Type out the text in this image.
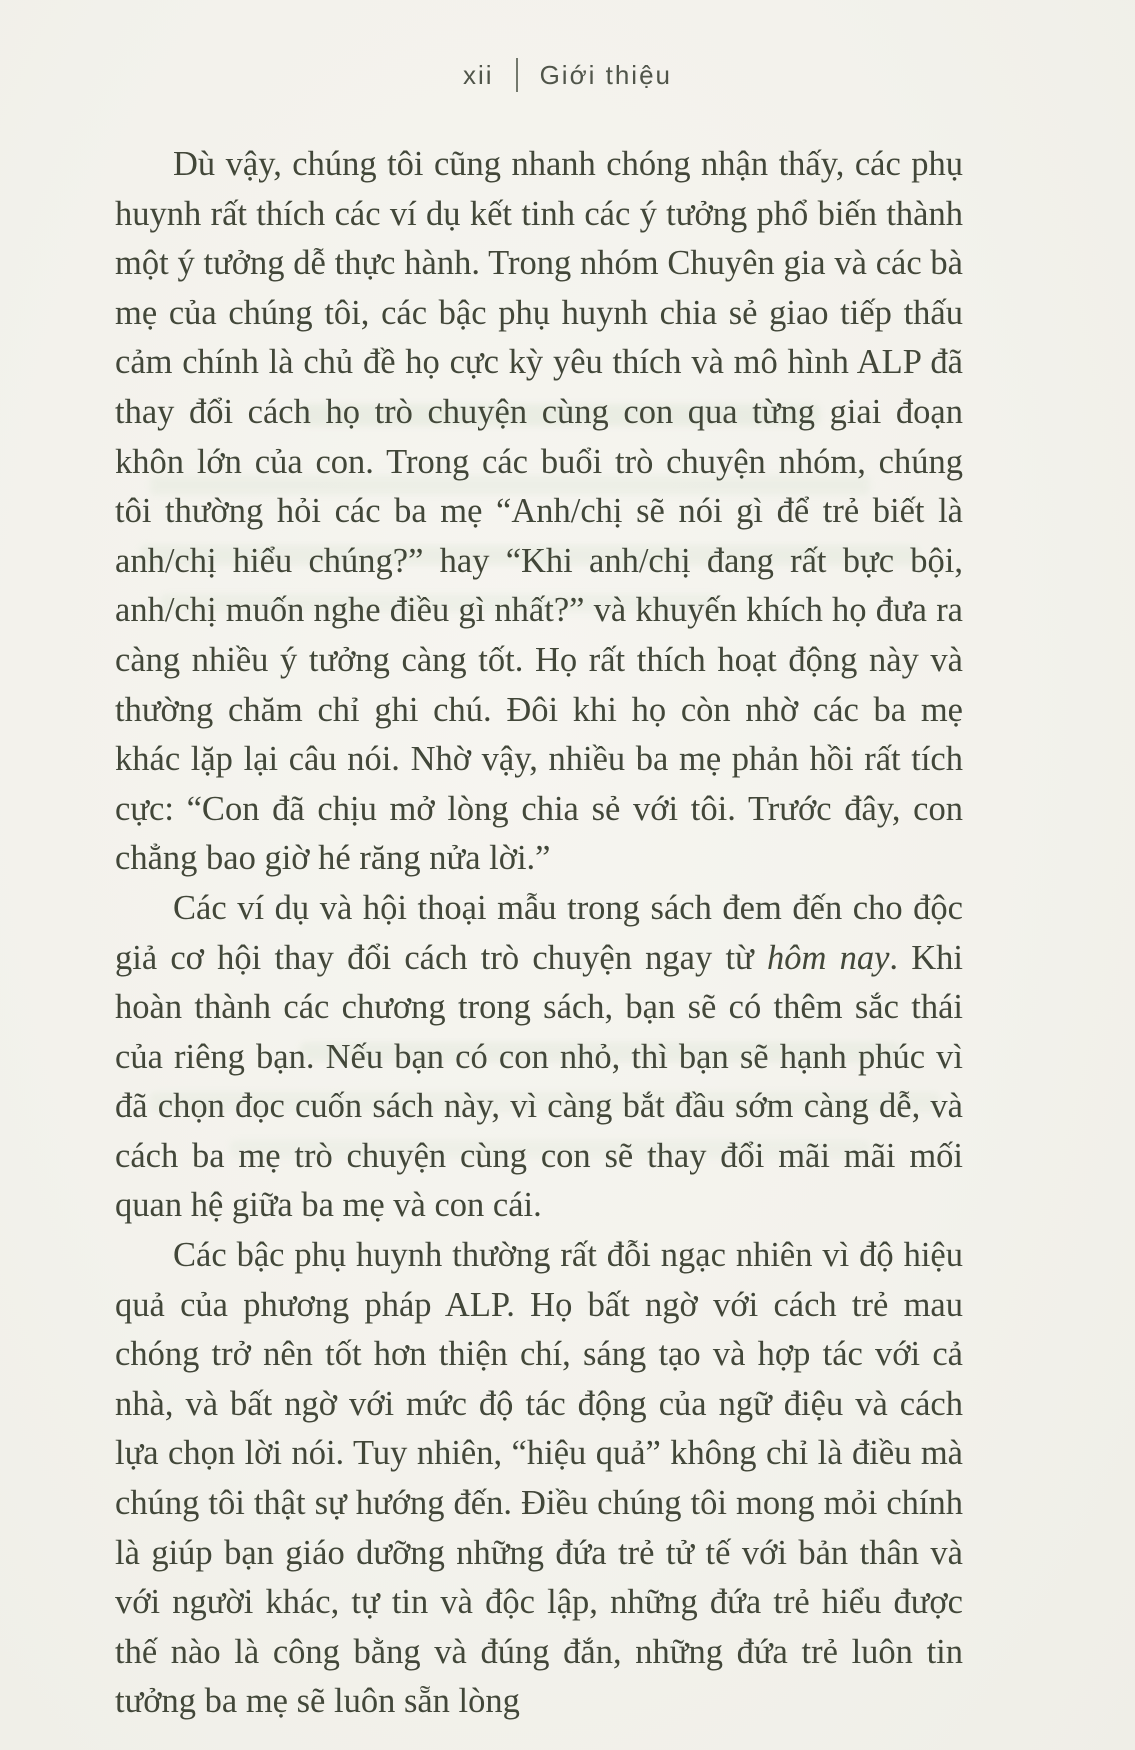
xii Giới thiệu

Dù vậy, chúng tôi cũng nhanh chóng nhận thấy, các phụ huynh rất thích các ví dụ kết tinh các ý tưởng phổ biến thành một ý tưởng dễ thực hành. Trong nhóm Chuyên gia và các bà mẹ của chúng tôi, các bậc phụ huynh chia sẻ giao tiếp thấu cảm chính là chủ đề họ cực kỳ yêu thích và mô hình ALP đã thay đổi cách họ trò chuyện cùng con qua từng giai đoạn khôn lớn của con. Trong các buổi trò chuyện nhóm, chúng tôi thường hỏi các ba mẹ “Anh/chị sẽ nói gì để trẻ biết là anh/chị hiểu chúng?” hay “Khi anh/chị đang rất bực bội, anh/chị muốn nghe điều gì nhất?” và khuyến khích họ đưa ra càng nhiều ý tưởng càng tốt. Họ rất thích hoạt động này và thường chăm chỉ ghi chú. Đôi khi họ còn nhờ các ba mẹ khác lặp lại câu nói. Nhờ vậy, nhiều ba mẹ phản hồi rất tích cực: “Con đã chịu mở lòng chia sẻ với tôi. Trước đây, con chẳng bao giờ hé răng nửa lời.”

Các ví dụ và hội thoại mẫu trong sách đem đến cho độc giả cơ hội thay đổi cách trò chuyện ngay từ hôm nay. Khi hoàn thành các chương trong sách, bạn sẽ có thêm sắc thái của riêng bạn. Nếu bạn có con nhỏ, thì bạn sẽ hạnh phúc vì đã chọn đọc cuốn sách này, vì càng bắt đầu sớm càng dễ, và cách ba mẹ trò chuyện cùng con sẽ thay đổi mãi mãi mối quan hệ giữa ba mẹ và con cái.

Các bậc phụ huynh thường rất đỗi ngạc nhiên vì độ hiệu quả của phương pháp ALP. Họ bất ngờ với cách trẻ mau chóng trở nên tốt hơn thiện chí, sáng tạo và hợp tác với cả nhà, và bất ngờ với mức độ tác động của ngữ điệu và cách lựa chọn lời nói. Tuy nhiên, “hiệu quả” không chỉ là điều mà chúng tôi thật sự hướng đến. Điều chúng tôi mong mỏi chính là giúp bạn giáo dưỡng những đứa trẻ tử tế với bản thân và với người khác, tự tin và độc lập, những đứa trẻ hiểu được thế nào là công bằng và đúng đắn, những đứa trẻ luôn tin tưởng ba mẹ sẽ luôn sẵn lòng
